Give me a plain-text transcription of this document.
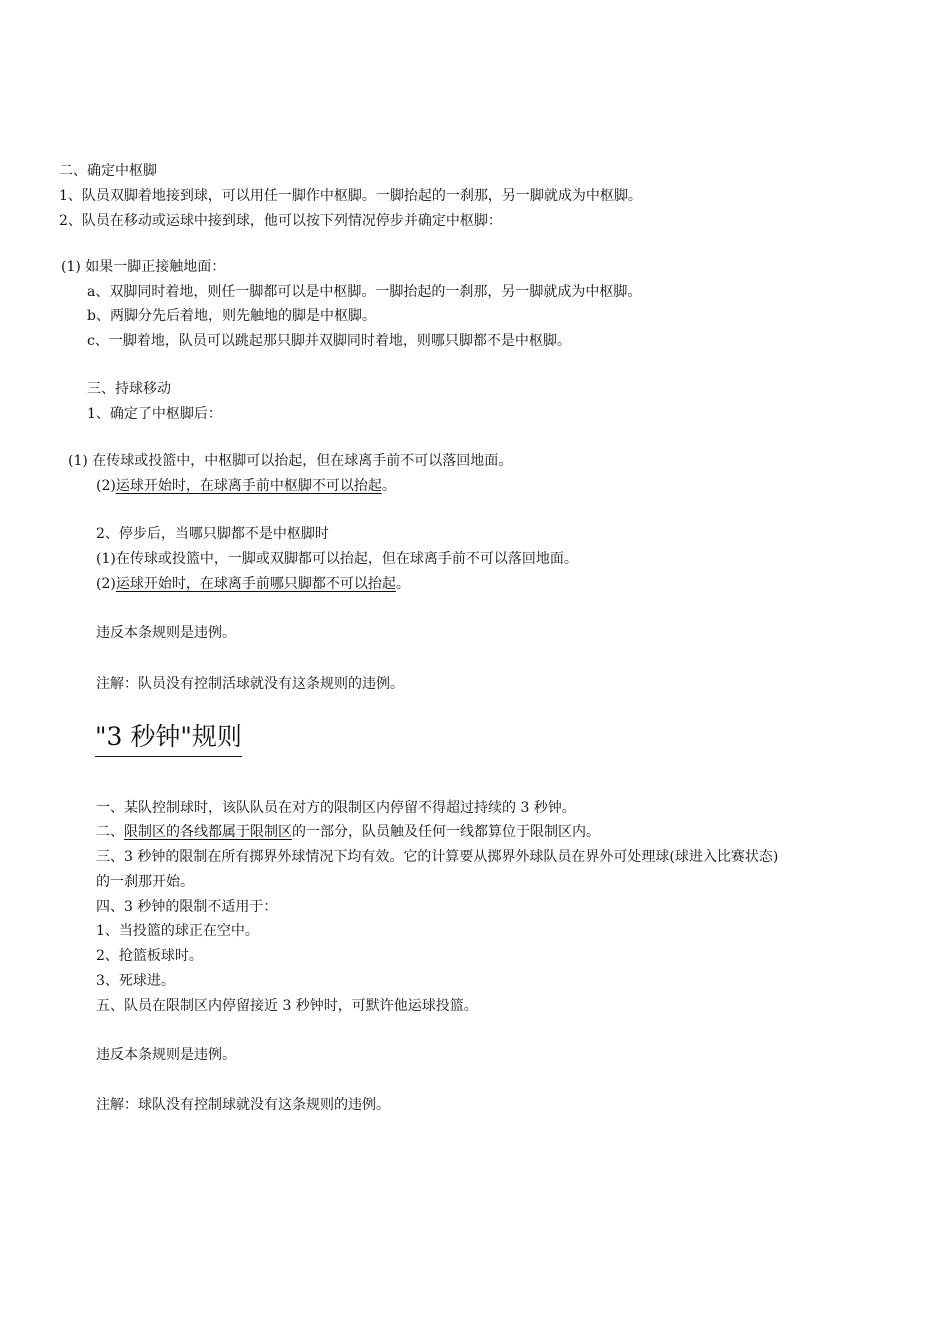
二、确定中枢脚
1、队员双脚着地接到球，可以用任一脚作中枢脚。一脚抬起的一刹那，另一脚就成为中枢脚。
2、队员在移动或运球中接到球，他可以按下列情况停步并确定中枢脚：
(1) 如果一脚正接触地面：
a、双脚同时着地，则任一脚都可以是中枢脚。一脚抬起的一刹那，另一脚就成为中枢脚。
b、两脚分先后着地，则先触地的脚是中枢脚。
c、一脚着地，队员可以跳起那只脚并双脚同时着地，则哪只脚都不是中枢脚。
三、持球移动
1、确定了中枢脚后：
(1) 在传球或投篮中，中枢脚可以抬起，但在球离手前不可以落回地面。
(2)运球开始时，在球离手前中枢脚不可以抬起。
2、停步后，当哪只脚都不是中枢脚时
(1)在传球或投篮中，一脚或双脚都可以抬起，但在球离手前不可以落回地面。
(2)运球开始时，在球离手前哪只脚都不可以抬起。
违反本条规则是违例。
注解：队员没有控制活球就没有这条规则的违例。
"3 秒钟"规则
一、某队控制球时，该队队员在对方的限制区内停留不得超过持续的 3 秒钟。
二、限制区的各线都属于限制区的一部分，队员触及任何一线都算位于限制区内。
三、3 秒钟的限制在所有掷界外球情况下均有效。它的计算要从掷界外球队员在界外可处理球(球进入比赛状态)
的一刹那开始。
四、3 秒钟的限制不适用于：
1、当投篮的球正在空中。
2、抢篮板球时。
3、死球进。
五、队员在限制区内停留接近 3 秒钟时，可默许他运球投篮。
违反本条规则是违例。
注解：球队没有控制球就没有这条规则的违例。
